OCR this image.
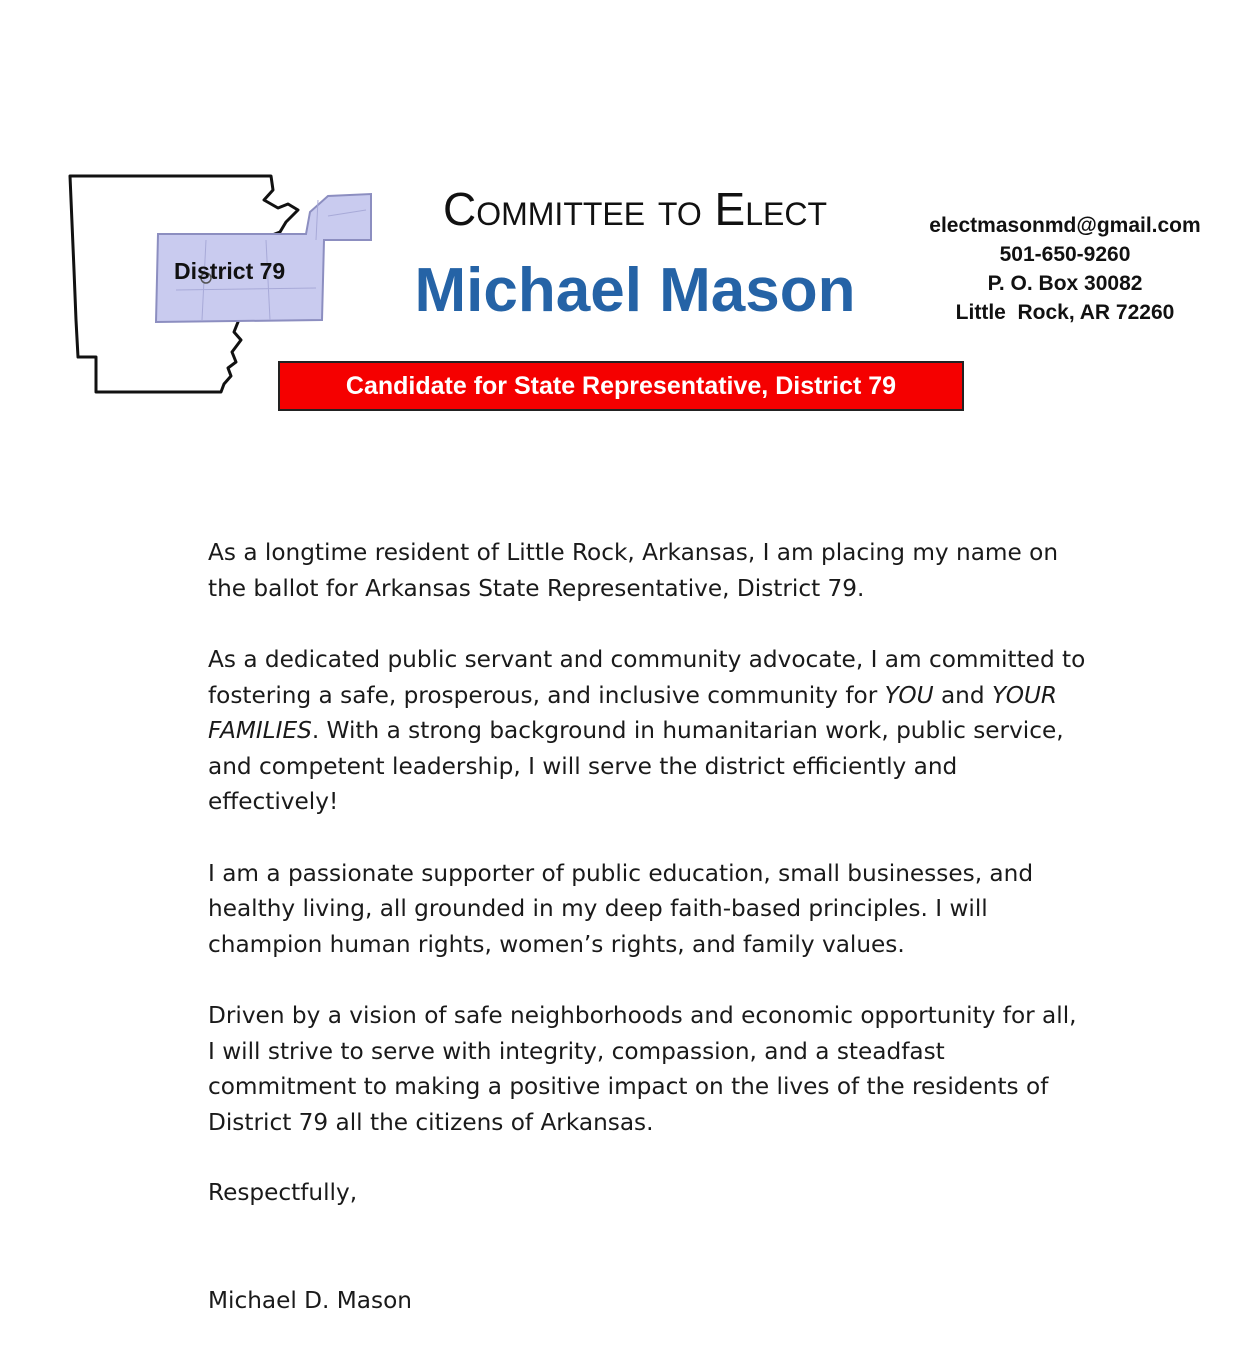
District 79
Committee to Elect
Michael Mason
electmasonmd@gmail.com
501-650-9260
P. O. Box 30082
Little  Rock, AR 72260
Candidate for State Representative, District 79

As a longtime resident of Little Rock, Arkansas, I am placing my name on the ballot for Arkansas State Representative, District 79.

As a dedicated public servant and community advocate, I am committed to fostering a safe, prosperous, and inclusive community for YOU and YOUR FAMILIES. With a strong background in humanitarian work, public service, and competent leadership, I will serve the district efficiently and effectively!

I am a passionate supporter of public education, small businesses, and healthy living, all grounded in my deep faith-based principles. I will champion human rights, women’s rights, and family values.

Driven by a vision of safe neighborhoods and economic opportunity for all, I will strive to serve with integrity, compassion, and a steadfast commitment to making a positive impact on the lives of the residents of District 79 all the citizens of Arkansas.

Respectfully,
Michael D. Mason
